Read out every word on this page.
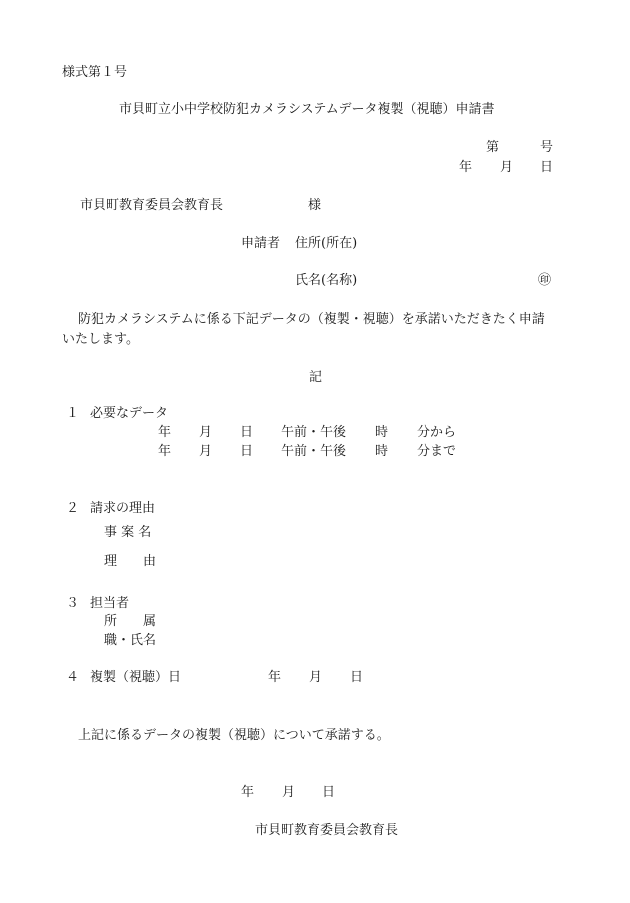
様式第１号
市貝町立小中学校防犯カメラシステムデータ複製（視聴）申請書
第	号
年 月 日
市貝町教育委員会教育長	様
申請者 住所(所在)
氏名(名称)	㊞
防犯カメラシステムに係る下記データの（複製・視聴）を承諾いただきたく申請
いたします。
記
１ 必要なデータ
年 月 日 午前・午後 時 分から
年 月 日 午前・午後 時 分まで
２ 請求の理由
事 案 名
理　　由
３ 担当者
所　　属
職・氏名
４ 複製（視聴）日	年 月 日
上記に係るデータの複製（視聴）について承諾する。
年 月 日
市貝町教育委員会教育長
